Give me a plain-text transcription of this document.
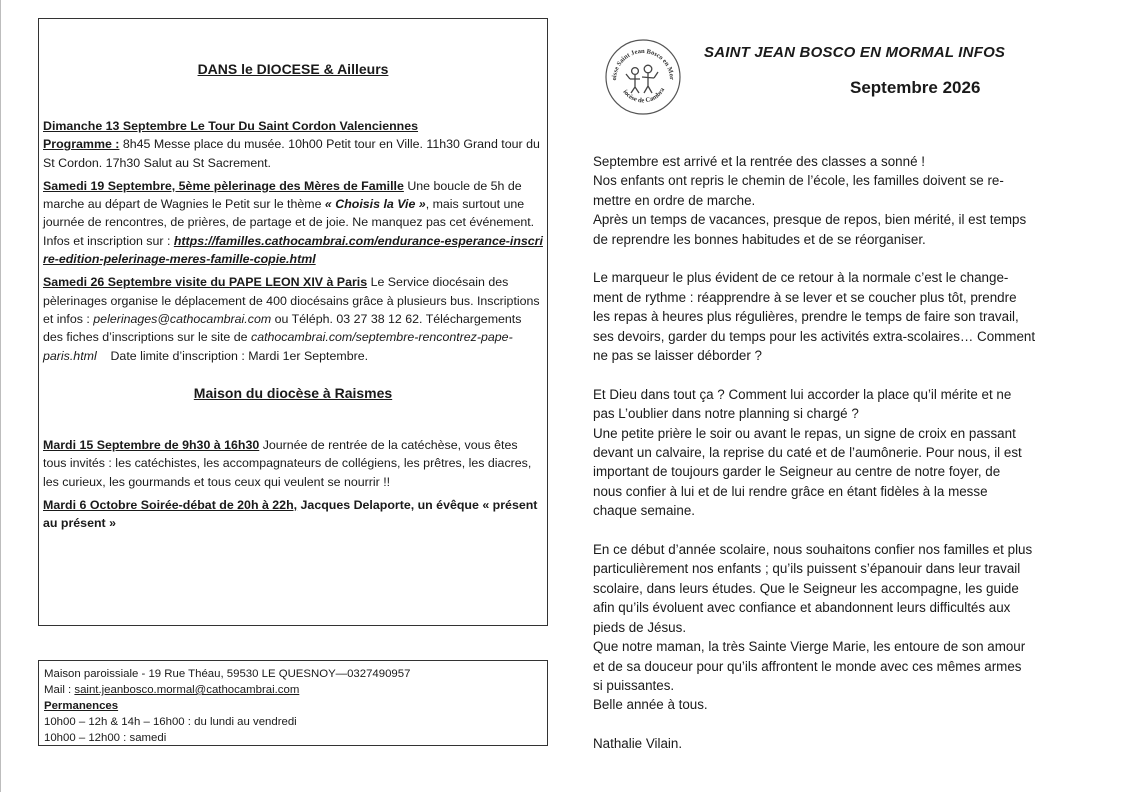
DANS le DIOCESE & Ailleurs

Dimanche 13 Septembre Le Tour Du Saint Cordon Valenciennes
Programme : 8h45 Messe place du musée. 10h00 Petit tour en Ville. 11h30 Grand tour du St Cordon. 17h30 Salut au St Sacrement.

Samedi 19 Septembre, 5ème pèlerinage des Mères de Famille Une boucle de 5h de marche au départ de Wagnies le Petit sur le thème « Choisis la Vie », mais surtout une journée de rencontres, de prières, de partage et de joie. Ne manquez pas cet événement. Infos et inscription sur : https://familles.cathocambrai.com/endurance-esperance-inscrire-edition-pelerinage-meres-famille-copie.html

Samedi 26 Septembre visite du PAPE LEON XIV à Paris Le Service diocésain des pèlerinages organise le déplacement de 400 diocésains grâce à plusieurs bus. Inscriptions et infos : pelerinages@cathocambrai.com ou Téléph. 03 27 38 12 62. Téléchargements des fiches d’inscriptions sur le site de cathocambrai.com/septembre-rencontrez-pape-paris.html    Date limite d’inscription : Mardi 1er Septembre.

Maison du diocèse à Raismes

Mardi 15 Septembre de 9h30 à 16h30 Journée de rentrée de la catéchèse, vous êtes tous invités : les catéchistes, les accompagnateurs de collégiens, les prêtres, les diacres, les curieux, les gourmands et tous ceux qui veulent se nourrir !!

Mardi 6 Octobre Soirée-débat de 20h à 22h, Jacques Delaporte, un évêque « présent au présent »

Maison paroissiale - 19 Rue Théau, 59530 LE QUESNOY—0327490957
Mail : saint.jeanbosco.mormal@cathocambrai.com
Permanences
10h00 – 12h & 14h – 16h00 : du lundi au vendredi
10h00 – 12h00 : samedi
oisse Saint Jean Bosco en Mor
iocèse de Cambra
SAINT JEAN BOSCO EN MORMAL INFOS
Septembre 2026
Septembre est arrivé et la rentrée des classes a sonné !
Nos enfants ont repris le chemin de l’école, les familles doivent se re-
mettre en ordre de marche.
Après un temps de vacances, presque de repos, bien mérité, il est temps
de reprendre les bonnes habitudes et de se réorganiser.
Le marqueur le plus évident de ce retour à la normale c’est le change-
ment de rythme : réapprendre à se lever et se coucher plus tôt, prendre
les repas à heures plus régulières, prendre le temps de faire son travail,
ses devoirs, garder du temps pour les activités extra-scolaires… Comment
ne pas se laisser déborder ?
Et Dieu dans tout ça ? Comment lui accorder la place qu’il mérite et ne
pas L’oublier dans notre planning si chargé ?
Une petite prière le soir ou avant le repas, un signe de croix en passant
devant un calvaire, la reprise du caté et de l’aumônerie. Pour nous, il est
important de toujours garder le Seigneur au centre de notre foyer, de
nous confier à lui et de lui rendre grâce en étant fidèles à la messe
chaque semaine.
En ce début d’année scolaire, nous souhaitons confier nos familles et plus
particulièrement nos enfants ; qu’ils puissent s’épanouir dans leur travail
scolaire, dans leurs études. Que le Seigneur les accompagne, les guide
afin qu’ils évoluent avec confiance et abandonnent leurs difficultés aux
pieds de Jésus.
Que notre maman, la très Sainte Vierge Marie, les entoure de son amour
et de sa douceur pour qu’ils affrontent le monde avec ces mêmes armes
si puissantes.
Belle année à tous.
Nathalie Vilain.
